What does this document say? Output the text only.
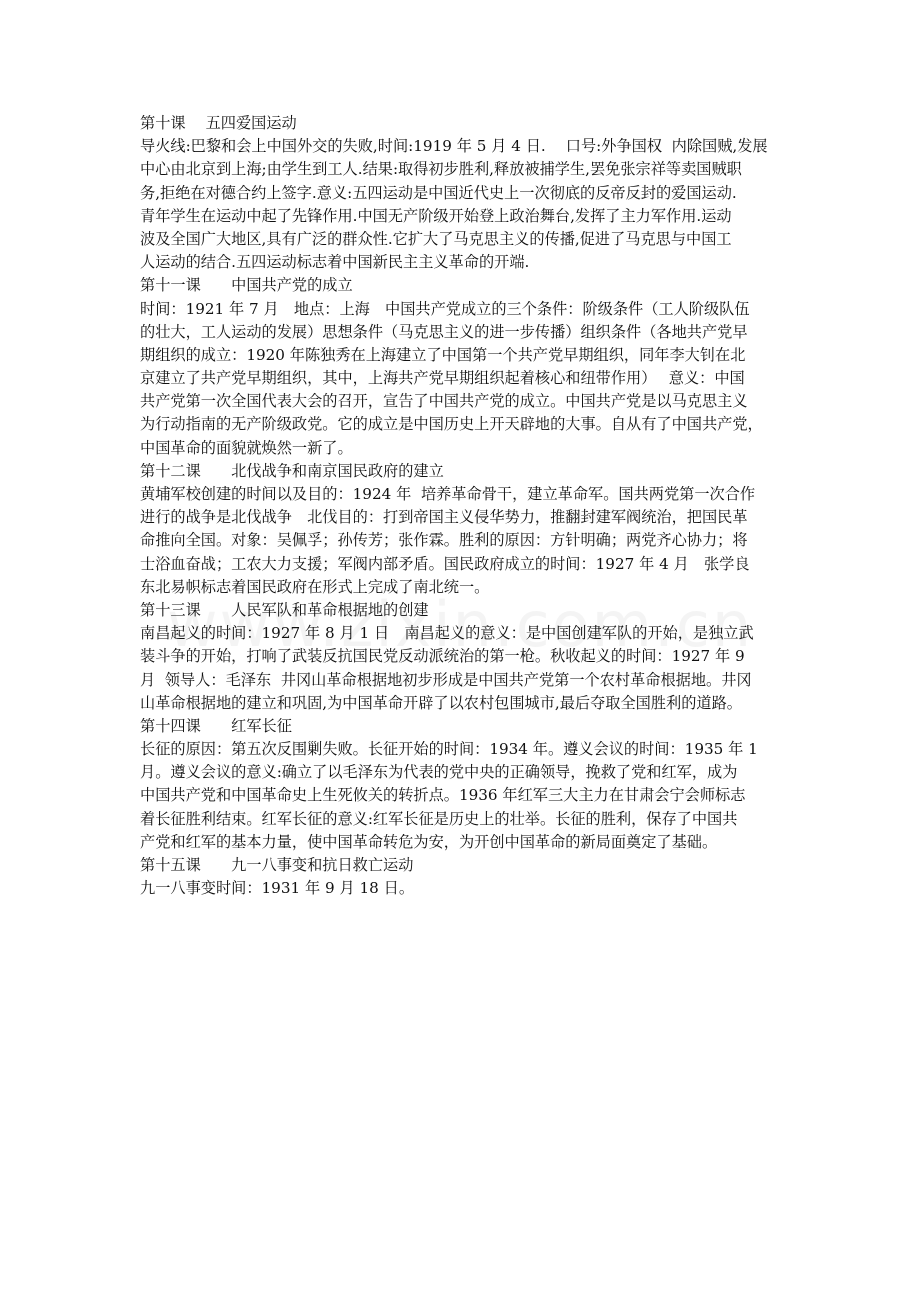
第十课　 五四爱国运动

导火线:巴黎和会上中国外交的失败,时间:1919 年 5 月 4 日.　 口号:外争国权  内除国贼,发展

中心由北京到上海;由学生到工人.结果:取得初步胜利,释放被捕学生,罢免张宗祥等卖国贼职

务,拒绝在对德合约上签字.意义:五四运动是中国近代史上一次彻底的反帝反封的爱国运动.

青年学生在运动中起了先锋作用.中国无产阶级开始登上政治舞台,发挥了主力军作用.运动

波及全国广大地区,具有广泛的群众性.它扩大了马克思主义的传播,促进了马克思与中国工

人运动的结合.五四运动标志着中国新民主主义革命的开端.

第十一课　　中国共产党的成立

时间：1921 年 7 月　地点：上海　中国共产党成立的三个条件：阶级条件（工人阶级队伍

的壮大，工人运动的发展）思想条件（马克思主义的进一步传播）组织条件（各地共产党早

期组织的成立：1920 年陈独秀在上海建立了中国第一个共产党早期组织，同年李大钊在北

京建立了共产党早期组织，其中，上海共产党早期组织起着核心和纽带作用）　 意义：中国

共产党第一次全国代表大会的召开，宣告了中国共产党的成立。中国共产党是以马克思主义

为行动指南的无产阶级政党。它的成立是中国历史上开天辟地的大事。自从有了中国共产党，

中国革命的面貌就焕然一新了。

第十二课　　北伐战争和南京国民政府的建立

黄埔军校创建的时间以及目的：1924 年  培养革命骨干，建立革命军。国共两党第一次合作

进行的战争是北伐战争　北伐目的：打到帝国主义侵华势力，推翻封建军阀统治，把国民革

命推向全国。对象：吴佩孚；孙传芳；张作霖。胜利的原因：方针明确；两党齐心协力；将

士浴血奋战；工农大力支援；军阀内部矛盾。国民政府成立的时间：1927 年 4 月　张学良

东北易帜标志着国民政府在形式上完成了南北统一。

第十三课　　人民军队和革命根据地的创建

南昌起义的时间：1927 年 8 月 1 日　南昌起义的意义：是中国创建军队的开始，是独立武

装斗争的开始，打响了武装反抗国民党反动派统治的第一枪。秋收起义的时间：1927 年 9

月  领导人：毛泽东  井冈山革命根据地初步形成是中国共产党第一个农村革命根据地。井冈

山革命根据地的建立和巩固,为中国革命开辟了以农村包围城市,最后夺取全国胜利的道路。

第十四课　　红军长征

长征的原因：第五次反围剿失败。长征开始的时间：1934 年。遵义会议的时间：1935 年 1

月。遵义会议的意义:确立了以毛泽东为代表的党中央的正确领导，挽救了党和红军，成为

中国共产党和中国革命史上生死攸关的转折点。1936 年红军三大主力在甘肃会宁会师标志

着长征胜利结束。红军长征的意义:红军长征是历史上的壮举。长征的胜利，保存了中国共

产党和红军的基本力量，使中国革命转危为安，为开创中国革命的新局面奠定了基础。

第十五课　　九一八事变和抗日救亡运动

九一八事变时间：1931 年 9 月 18 日。
